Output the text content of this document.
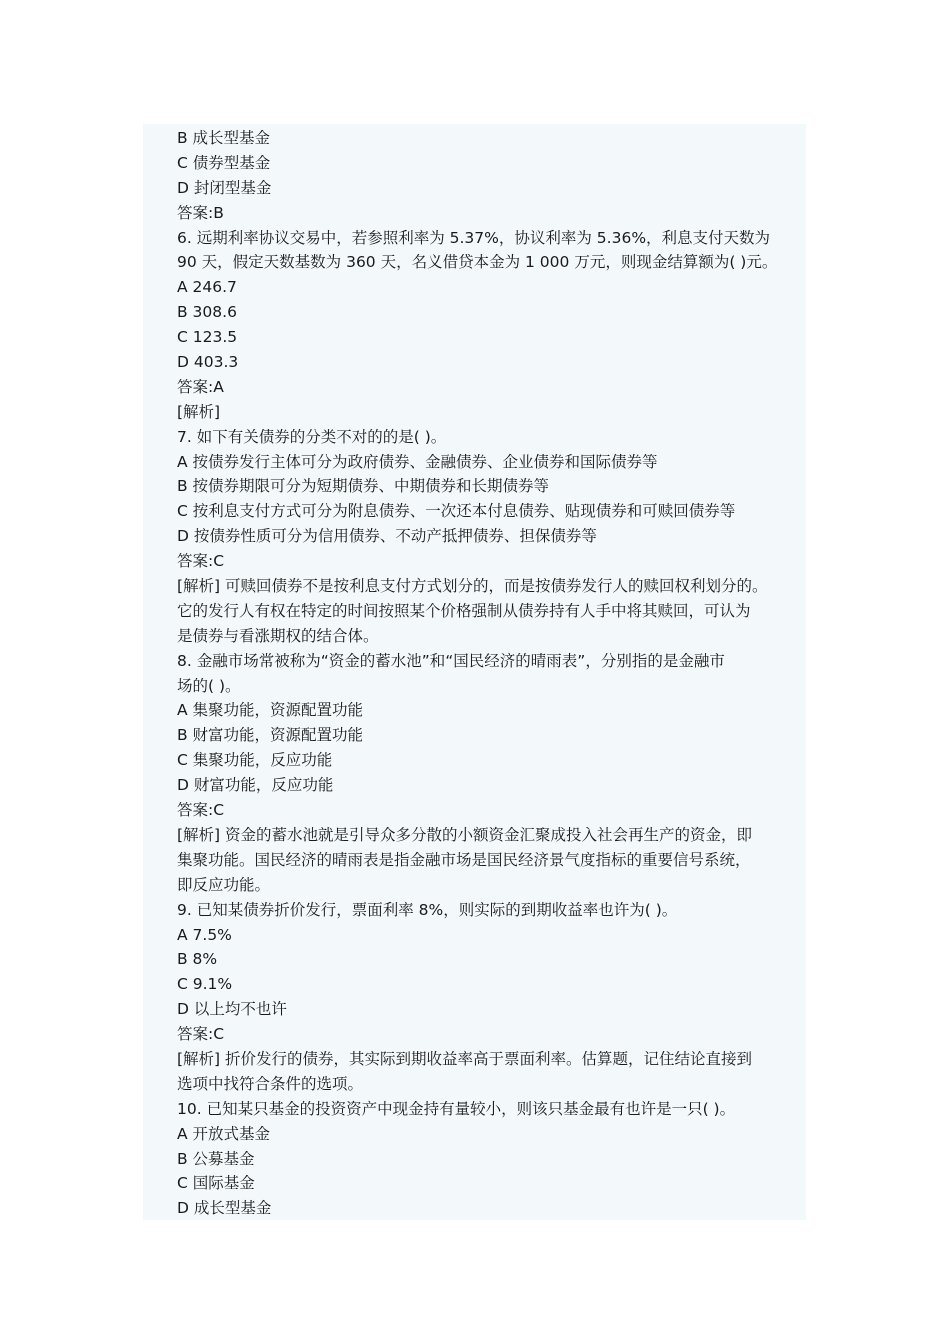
B 成长型基金
C 债券型基金
D 封闭型基金
答案:B
6. 远期利率协议交易中，若参照利率为 5.37%，协议利率为 5.36%，利息支付天数为
90 天，假定天数基数为 360 天，名义借贷本金为 1 000 万元，则现金结算额为( )元。
A 246.7
B 308.6
C 123.5
D 403.3
答案:A
[解析]
7. 如下有关债券的分类不对的的是( )。
A 按债券发行主体可分为政府债券、金融债券、企业债券和国际债券等
B 按债券期限可分为短期债券、中期债券和长期债券等
C 按利息支付方式可分为附息债券、一次还本付息债券、贴现债券和可赎回债券等
D 按债券性质可分为信用债券、不动产抵押债券、担保债券等
答案:C
[解析] 可赎回债券不是按利息支付方式划分的，而是按债券发行人的赎回权利划分的。
它的发行人有权在特定的时间按照某个价格强制从债券持有人手中将其赎回，可认为
是债券与看涨期权的结合体。
8. 金融市场常被称为“资金的蓄水池”和“国民经济的晴雨表”，分别指的是金融市
场的( )。
A 集聚功能，资源配置功能
B 财富功能，资源配置功能
C 集聚功能，反应功能
D 财富功能，反应功能
答案:C
[解析] 资金的蓄水池就是引导众多分散的小额资金汇聚成投入社会再生产的资金，即
集聚功能。国民经济的晴雨表是指金融市场是国民经济景气度指标的重要信号系统，
即反应功能。
9. 已知某债券折价发行，票面利率 8%，则实际的到期收益率也许为( )。
A 7.5%
B 8%
C 9.1%
D 以上均不也许
答案:C
[解析] 折价发行的债券，其实际到期收益率高于票面利率。估算题，记住结论直接到
选项中找符合条件的选项。
10. 已知某只基金的投资资产中现金持有量较小，则该只基金最有也许是一只( )。
A 开放式基金
B 公募基金
C 国际基金
D 成长型基金
